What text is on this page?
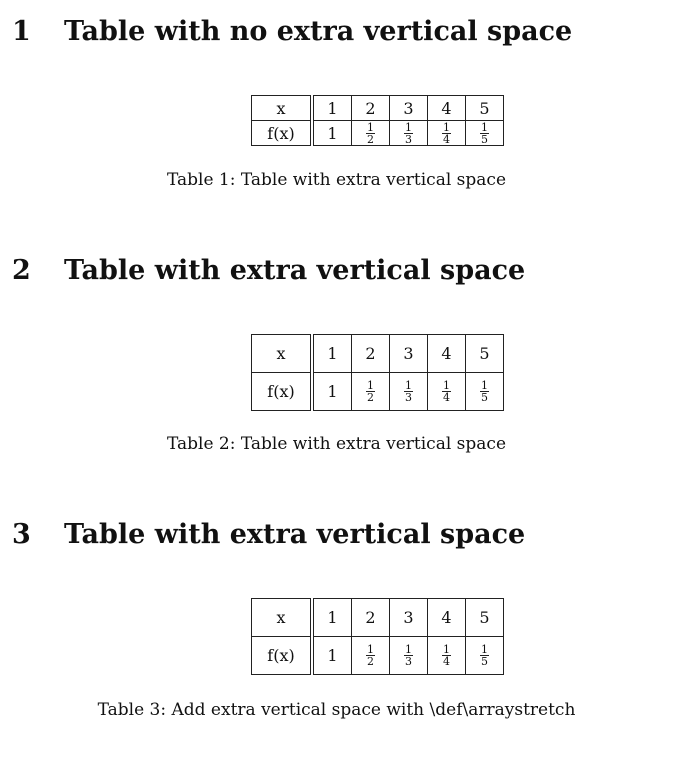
1 Table with no extra vertical space
x	1	2	3	4	5
f(x)	1	$\frac{1}{2}$	$\frac{1}{3}$	$\frac{1}{4}$	$\frac{1}{5}$
Table 1: Table with extra vertical space
2 Table with extra vertical space
x	1	2	3	4	5
f(x)	1	$\frac{1}{2}$	$\frac{1}{3}$	$\frac{1}{4}$	$\frac{1}{5}$
Table 2: Table with extra vertical space
3 Table with extra vertical space
x	1	2	3	4	5
f(x)	1	$\frac{1}{2}$	$\frac{1}{3}$	$\frac{1}{4}$	$\frac{1}{5}$
Table 3: Add extra vertical space with \def\arraystretch
